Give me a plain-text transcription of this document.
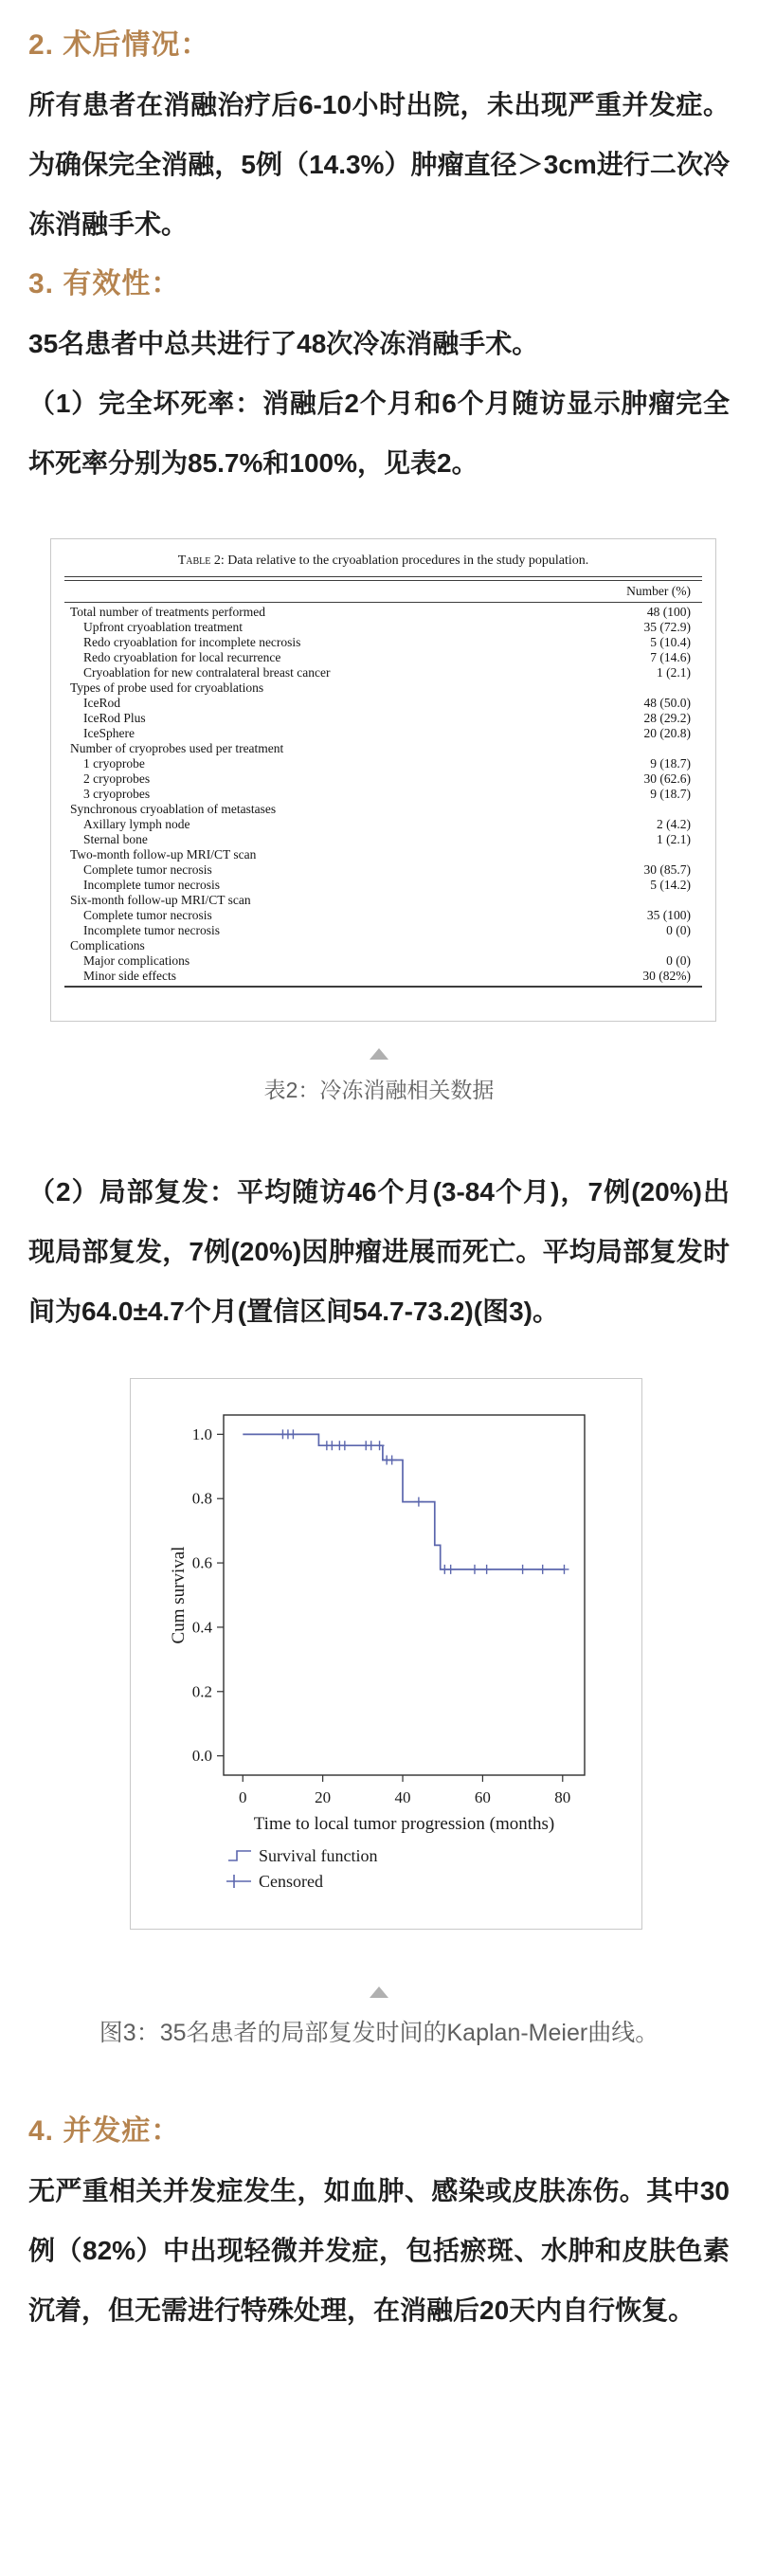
2. 术后情况：

所有患者在消融治疗后6-10小时出院，未出现严重并发症。为确保完全消融，5例（14.3%）肿瘤直径＞3cm进行二次冷冻消融手术。

3. 有效性：

35名患者中总共进行了48次冷冻消融手术。

（1）完全坏死率：消融后2个月和6个月随访显示肿瘤完全坏死率分别为85.7%和100%，见表2。

Table 2: Data relative to the cryoablation procedures in the study population.
Number (%)
Total number of treatments performed	48 (100)
Upfront cryoablation treatment	35 (72.9)
Redo cryoablation for incomplete necrosis	5 (10.4)
Redo cryoablation for local recurrence	7 (14.6)
Cryoablation for new contralateral breast cancer	1 (2.1)
Types of probe used for cryoablations
IceRod	48 (50.0)
IceRod Plus	28 (29.2)
IceSphere	20 (20.8)
Number of cryoprobes used per treatment
1 cryoprobe	9 (18.7)
2 cryoprobes	30 (62.6)
3 cryoprobes	9 (18.7)
Synchronous cryoablation of metastases
Axillary lymph node	2 (4.2)
Sternal bone	1 (2.1)
Two-month follow-up MRI/CT scan
Complete tumor necrosis	30 (85.7)
Incomplete tumor necrosis	5 (14.2)
Six-month follow-up MRI/CT scan
Complete tumor necrosis	35 (100)
Incomplete tumor necrosis	0 (0)
Complications
Major complications	0 (0)
Minor side effects	30 (82%)

表2：冷冻消融相关数据

（2）局部复发：平均随访46个月(3-84个月)，7例(20%)出现局部复发，7例(20%)因肿瘤进展而死亡。平均局部复发时间为64.0±4.7个月(置信区间54.7-73.2)(图3)。

0.0
0.2
0.4
0.6
0.8
1.0
0	20	40	60	80
Time to local tumor progression (months)
Cum survival
Survival function
Censored

图3：35名患者的局部复发时间的Kaplan-Meier曲线。

4. 并发症：

无严重相关并发症发生，如血肿、感染或皮肤冻伤。其中30例（82%）中出现轻微并发症，包括瘀斑、水肿和皮肤色素沉着，但无需进行特殊处理，在消融后20天内自行恢复。
